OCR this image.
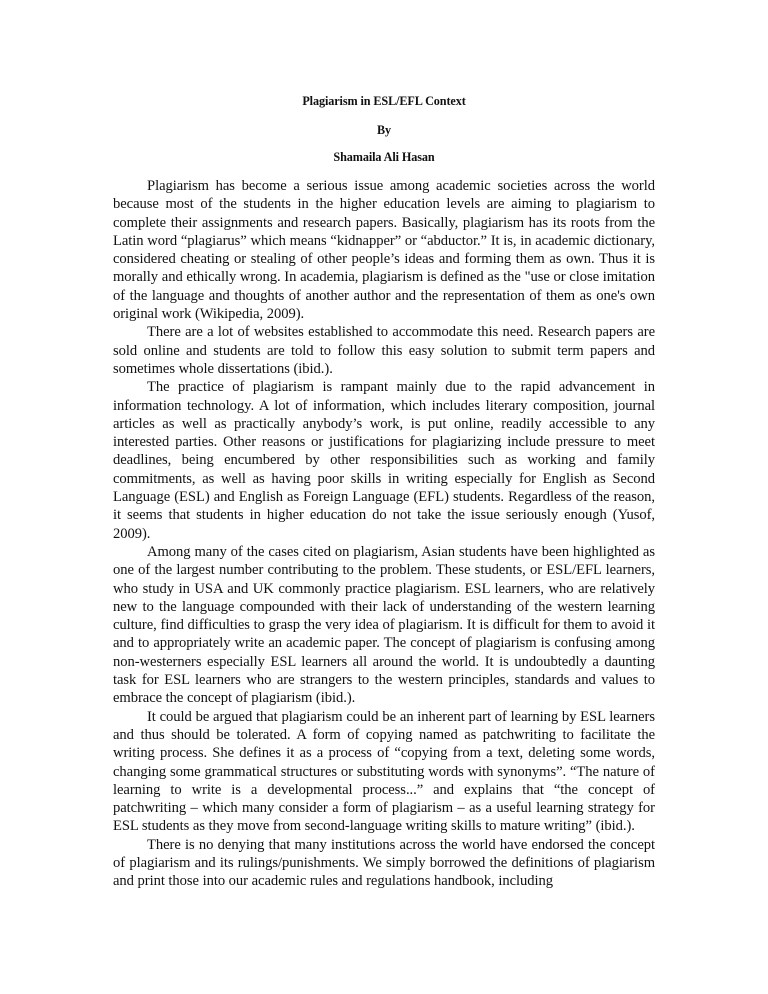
Plagiarism in ESL/EFL Context
By
Shamaila Ali Hasan

Plagiarism has become a serious issue among academic societies across the world because most of the students in the higher education levels are aiming to plagiarism to complete their assignments and research papers. Basically, plagiarism has its roots from the Latin word “plagiarus” which means “kidnapper” or “abductor.” It is, in academic dictionary, considered cheating or stealing of other people’s ideas and forming them as own. Thus it is morally and ethically wrong. In academia, plagiarism is defined as the "use or close imitation of the language and thoughts of another author and the representation of them as one's own original work (Wikipedia, 2009).

There are a lot of websites established to accommodate this need. Research papers are sold online and students are told to follow this easy solution to submit term papers and sometimes whole dissertations (ibid.).

The practice of plagiarism is rampant mainly due to the rapid advancement in information technology. A lot of information, which includes literary composition, journal articles as well as practically anybody’s work, is put online, readily accessible to any interested parties. Other reasons or justifications for plagiarizing include pressure to meet deadlines, being encumbered by other responsibilities such as working and family commitments, as well as having poor skills in writing especially for English as Second Language (ESL) and English as Foreign Language (EFL) students. Regardless of the reason, it seems that students in higher education do not take the issue seriously enough (Yusof, 2009).

Among many of the cases cited on plagiarism, Asian students have been highlighted as one of the largest number contributing to the problem. These students, or ESL/EFL learners, who study in USA and UK commonly practice plagiarism. ESL learners, who are relatively new to the language compounded with their lack of understanding of the western learning culture, find difficulties to grasp the very idea of plagiarism. It is difficult for them to avoid it and to appropriately write an academic paper. The concept of plagiarism is confusing among non-westerners especially ESL learners all around the world. It is undoubtedly a daunting task for ESL learners who are strangers to the western principles, standards and values to embrace the concept of plagiarism (ibid.).

It could be argued that plagiarism could be an inherent part of learning by ESL learners and thus should be tolerated. A form of copying named as patchwriting to facilitate the writing process. She defines it as a process of “copying from a text, deleting some words, changing some grammatical structures or substituting words with synonyms”. “The nature of learning to write is a developmental process...” and explains that “the concept of patchwriting – which many consider a form of plagiarism – as a useful learning strategy for ESL students as they move from second-language writing skills to mature writing” (ibid.).

There is no denying that many institutions across the world have endorsed the concept of plagiarism and its rulings/punishments. We simply borrowed the definitions of plagiarism and print those into our academic rules and regulations handbook, including
